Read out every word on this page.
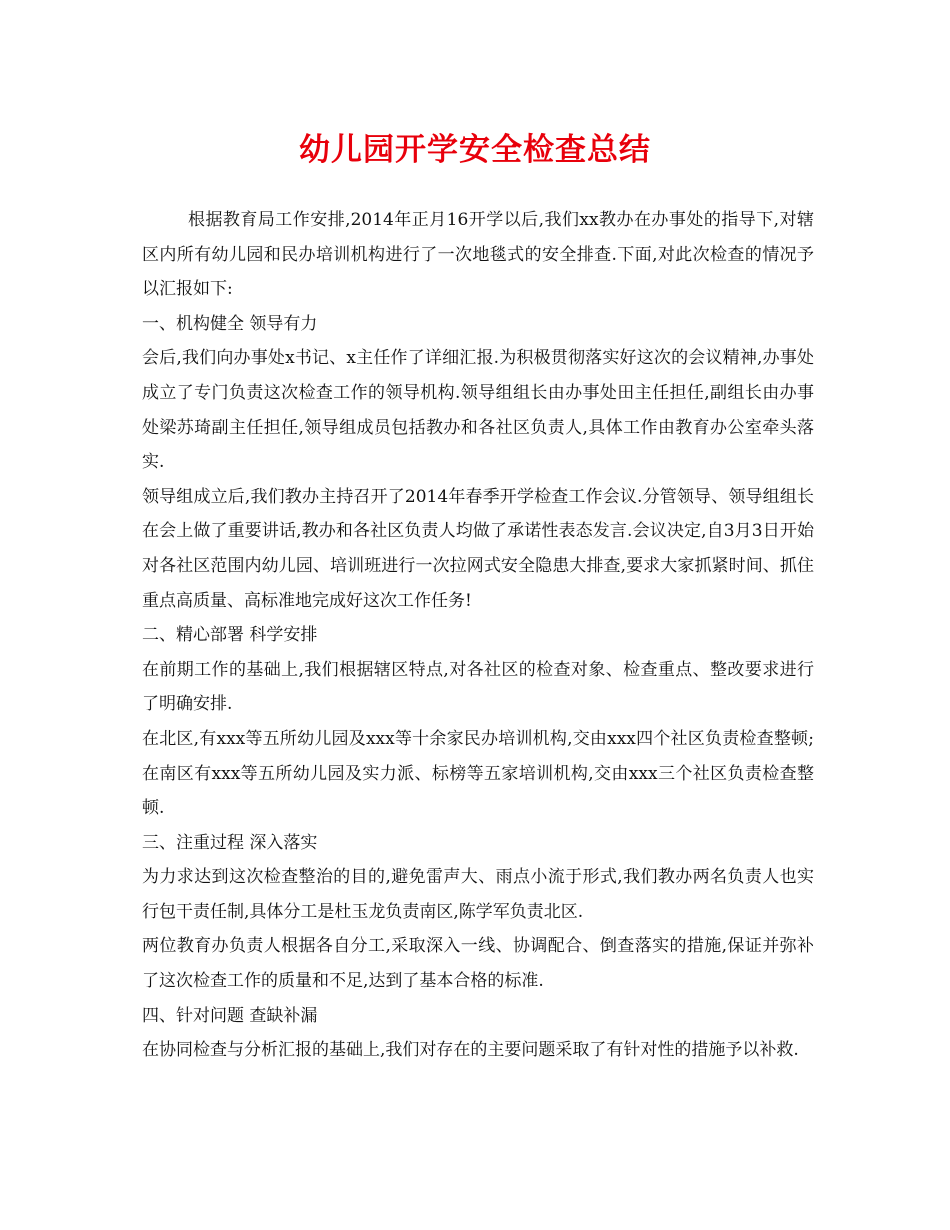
幼儿园开学安全检查总结

根据教育局工作安排,2014年正月16开学以后,我们xx教办在办事处的指导下,对辖区内所有幼儿园和民办培训机构进行了一次地毯式的安全排查.下面,对此次检查的情况予以汇报如下:

一、机构健全 领导有力

会后,我们向办事处x书记、x主任作了详细汇报.为积极贯彻落实好这次的会议精神,办事处成立了专门负责这次检查工作的领导机构.领导组组长由办事处田主任担任,副组长由办事处梁苏琦副主任担任,领导组成员包括教办和各社区负责人,具体工作由教育办公室牵头落实.

领导组成立后,我们教办主持召开了2014年春季开学检查工作会议.分管领导、领导组组长在会上做了重要讲话,教办和各社区负责人均做了承诺性表态发言.会议决定,自3月3日开始对各社区范围内幼儿园、培训班进行一次拉网式安全隐患大排查,要求大家抓紧时间、抓住重点高质量、高标准地完成好这次工作任务!

二、精心部署 科学安排

在前期工作的基础上,我们根据辖区特点,对各社区的检查对象、检查重点、整改要求进行了明确安排.

在北区,有xxx等五所幼儿园及xxx等十余家民办培训机构,交由xxx四个社区负责检查整顿;在南区有xxx等五所幼儿园及实力派、标榜等五家培训机构,交由xxx三个社区负责检查整顿.

三、注重过程 深入落实

为力求达到这次检查整治的目的,避免雷声大、雨点小流于形式,我们教办两名负责人也实行包干责任制,具体分工是杜玉龙负责南区,陈学军负责北区.

两位教育办负责人根据各自分工,采取深入一线、协调配合、倒查落实的措施,保证并弥补了这次检查工作的质量和不足,达到了基本合格的标准.

四、针对问题 查缺补漏

在协同检查与分析汇报的基础上,我们对存在的主要问题采取了有针对性的措施予以补救.
